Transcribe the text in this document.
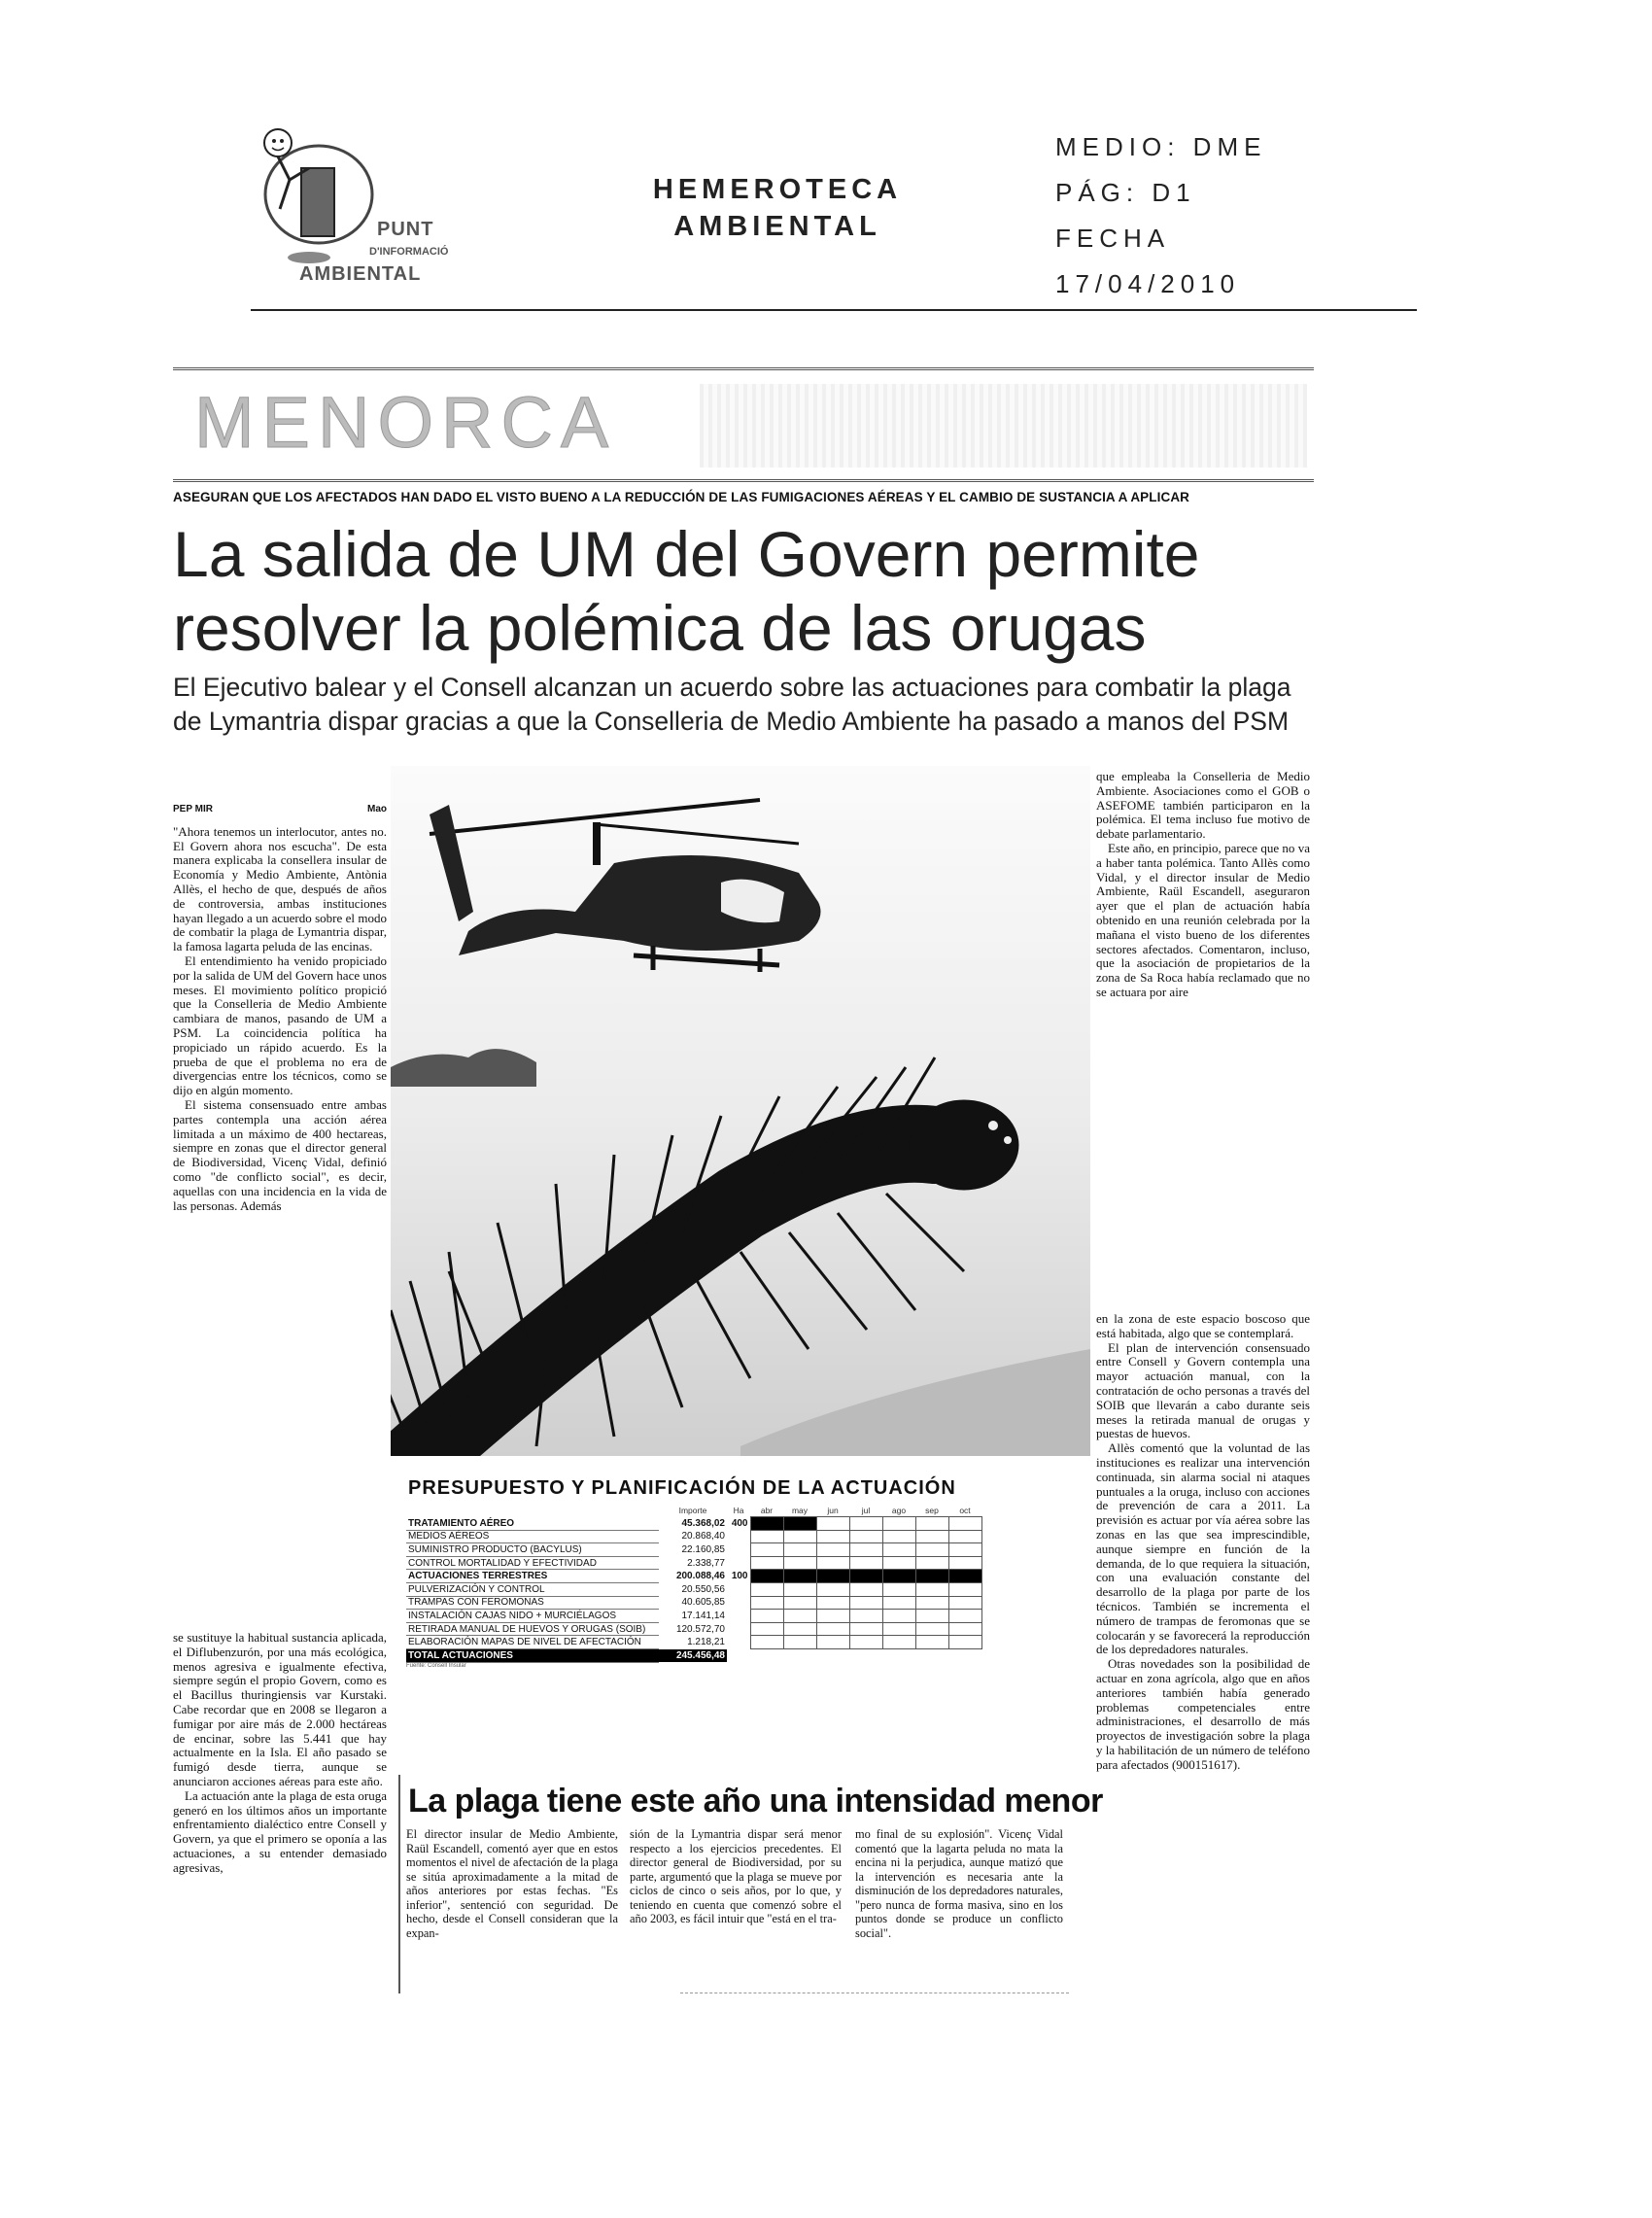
PUNT
D'INFORMACIÓ
AMBIENTAL
HEMEROTECA
AMBIENTAL
MEDIO: DME
PÁG: D1
FECHA
17/04/2010
MENORCA
ASEGURAN QUE LOS AFECTADOS HAN DADO EL VISTO BUENO A LA REDUCCIÓN DE LAS FUMIGACIONES AÉREAS Y EL CAMBIO DE SUSTANCIA A APLICAR
La salida de UM del Govern permite
resolver la polémica de las orugas
El Ejecutivo balear y el Consell alcanzan un acuerdo sobre las actuaciones para combatir la plaga
de Lymantria dispar gracias a que la Conselleria de Medio Ambiente ha pasado a manos del PSM
PEP MIR	Mao

"Ahora tenemos un interlocutor, antes no. El Govern ahora nos escucha". De esta manera explicaba la consellera insular de Economía y Medio Ambiente, Antònia Allès, el hecho de que, después de años de controversia, ambas instituciones hayan llegado a un acuerdo sobre el modo de combatir la plaga de Lymantria dispar, la famosa lagarta peluda de las encinas.

El entendimiento ha venido propiciado por la salida de UM del Govern hace unos meses. El movimiento político propició que la Conselleria de Medio Ambiente cambiara de manos, pasando de UM a PSM. La coincidencia política ha propiciado un rápido acuerdo. Es la prueba de que el problema no era de divergencias entre los técnicos, como se dijo en algún momento.

El sistema consensuado entre ambas partes contempla una acción aérea limitada a un máximo de 400 hectareas, siempre en zonas que el director general de Biodiversidad, Vicenç Vidal, definió como "de conflicto social", es decir, aquellas con una incidencia en la vida de las personas. Además

que empleaba la Conselleria de Medio Ambiente. Asociaciones como el GOB o ASEFOME también participaron en la polémica. El tema incluso fue motivo de debate parlamentario.

Este año, en principio, parece que no va a haber tanta polémica. Tanto Allès como Vidal, y el director insular de Medio Ambiente, Raül Escandell, aseguraron ayer que el plan de actuación había obtenido en una reunión celebrada por la mañana el visto bueno de los diferentes sectores afectados. Comentaron, incluso, que la asociación de propietarios de la zona de Sa Roca había reclamado que no se actuara por aire

en la zona de este espacio boscoso que está habitada, algo que se contemplará.

El plan de intervención consensuado entre Consell y Govern contempla una mayor actuación manual, con la contratación de ocho personas a través del SOIB que llevarán a cabo durante seis meses la retirada manual de orugas y puestas de huevos.

Allès comentó que la voluntad de las instituciones es realizar una intervención continuada, sin alarma social ni ataques puntuales a la oruga, incluso con acciones de prevención de cara a 2011. La previsión es actuar por vía aérea sobre las zonas en las que sea imprescindible, aunque siempre en función de la demanda, de lo que requiera la situación, con una evaluación constante del desarrollo de la plaga por parte de los técnicos. También se incrementa el número de trampas de feromonas que se colocarán y se favorecerá la reproducción de los depredadores naturales.

Otras novedades son la posibilidad de actuar en zona agrícola, algo que en años anteriores también había generado problemas competenciales entre administraciones, el desarrollo de más proyectos de investigación sobre la plaga y la habilitación de un número de teléfono para afectados (900151617).

PRESUPUESTO Y PLANIFICACIÓN DE LA ACTUACIÓN
	Importe	Ha	abr	may	jun	jul	ago	sep	oct
TRATAMIENTO AÉREO	45.368,02	400							
MEDIOS AÉREOS	20.868,40								
SUMINISTRO PRODUCTO (BACYLUS)	22.160,85								
CONTROL MORTALIDAD Y EFECTIVIDAD	2.338,77								
ACTUACIONES TERRESTRES	200.088,46	100							
PULVERIZACIÓN Y CONTROL	20.550,56								
TRAMPAS CON FEROMONAS	40.605,85								
INSTALACIÓN CAJAS NIDO + MURCIÉLAGOS	17.141,14								
RETIRADA MANUAL DE HUEVOS Y ORUGAS (SOIB)	120.572,70								
ELABORACIÓN MAPAS DE NIVEL DE AFECTACIÓN	1.218,21								
TOTAL ACTUACIONES	245.456,48								
Fuente: Consell Insular

se sustituye la habitual sustancia aplicada, el Diflubenzurón, por una más ecológica, menos agresiva e igualmente efectiva, siempre según el propio Govern, como es el Bacillus thuringiensis var Kurstaki. Cabe recordar que en 2008 se llegaron a fumigar por aire más de 2.000 hectáreas de encinar, sobre las 5.441 que hay actualmente en la Isla. El año pasado se fumigó desde tierra, aunque se anunciaron acciones aéreas para este año.

La actuación ante la plaga de esta oruga generó en los últimos años un importante enfrentamiento dialéctico entre Consell y Govern, ya que el primero se oponía a las actuaciones, a su entender demasiado agresivas,

La plaga tiene este año una intensidad menor
El director insular de Medio Ambiente, Raül Escandell, comentó ayer que en estos momentos el nivel de afectación de la plaga se sitúa aproximadamente a la mitad de años anteriores por estas fechas. "Es inferior", sentenció con seguridad. De hecho, desde el Consell consideran que la expan-
sión de la Lymantria dispar será menor respecto a los ejercicios precedentes. El director general de Biodiversidad, por su parte, argumentó que la plaga se mueve por ciclos de cinco o seis años, por lo que, y teniendo en cuenta que comenzó sobre el año 2003, es fácil intuir que "está en el tra-
mo final de su explosión". Vicenç Vidal comentó que la lagarta peluda no mata la encina ni la perjudica, aunque matizó que la intervención es necesaria ante la disminución de los depredadores naturales, "pero nunca de forma masiva, sino en los puntos donde se produce un conflicto social".
